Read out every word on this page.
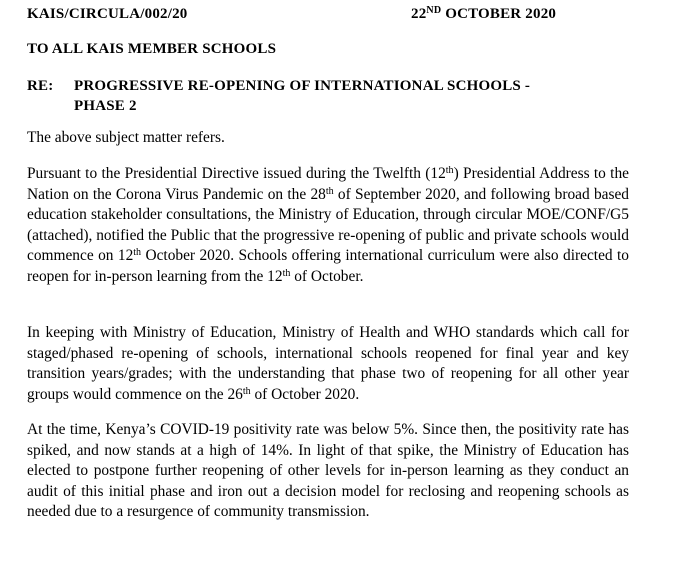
KAIS/CIRCULA/002/20	22ND OCTOBER 2020
TO ALL KAIS MEMBER SCHOOLS
RE: PROGRESSIVE RE-OPENING OF INTERNATIONAL SCHOOLS -
PHASE 2
The above subject matter refers.
Pursuant to the Presidential Directive issued during the Twelfth (12th) Presidential Address to the Nation on the Corona Virus Pandemic on the 28th of September 2020, and following broad based education stakeholder consultations, the Ministry of Education, through circular MOE/CONF/G5 (attached), notified the Public that the progressive re-opening of public and private schools would commence on 12th October 2020. Schools offering international curriculum were also directed to reopen for in-person learning from the 12th of October.
In keeping with Ministry of Education, Ministry of Health and WHO standards which call for staged/phased re-opening of schools, international schools reopened for final year and key transition years/grades; with the understanding that phase two of reopening for all other year groups would commence on the 26th of October 2020.
At the time, Kenya’s COVID-19 positivity rate was below 5%. Since then, the positivity rate has spiked, and now stands at a high of 14%. In light of that spike, the Ministry of Education has elected to postpone further reopening of other levels for in-person learning as they conduct an audit of this initial phase and iron out a decision model for reclosing and reopening schools as needed due to a resurgence of community transmission.
